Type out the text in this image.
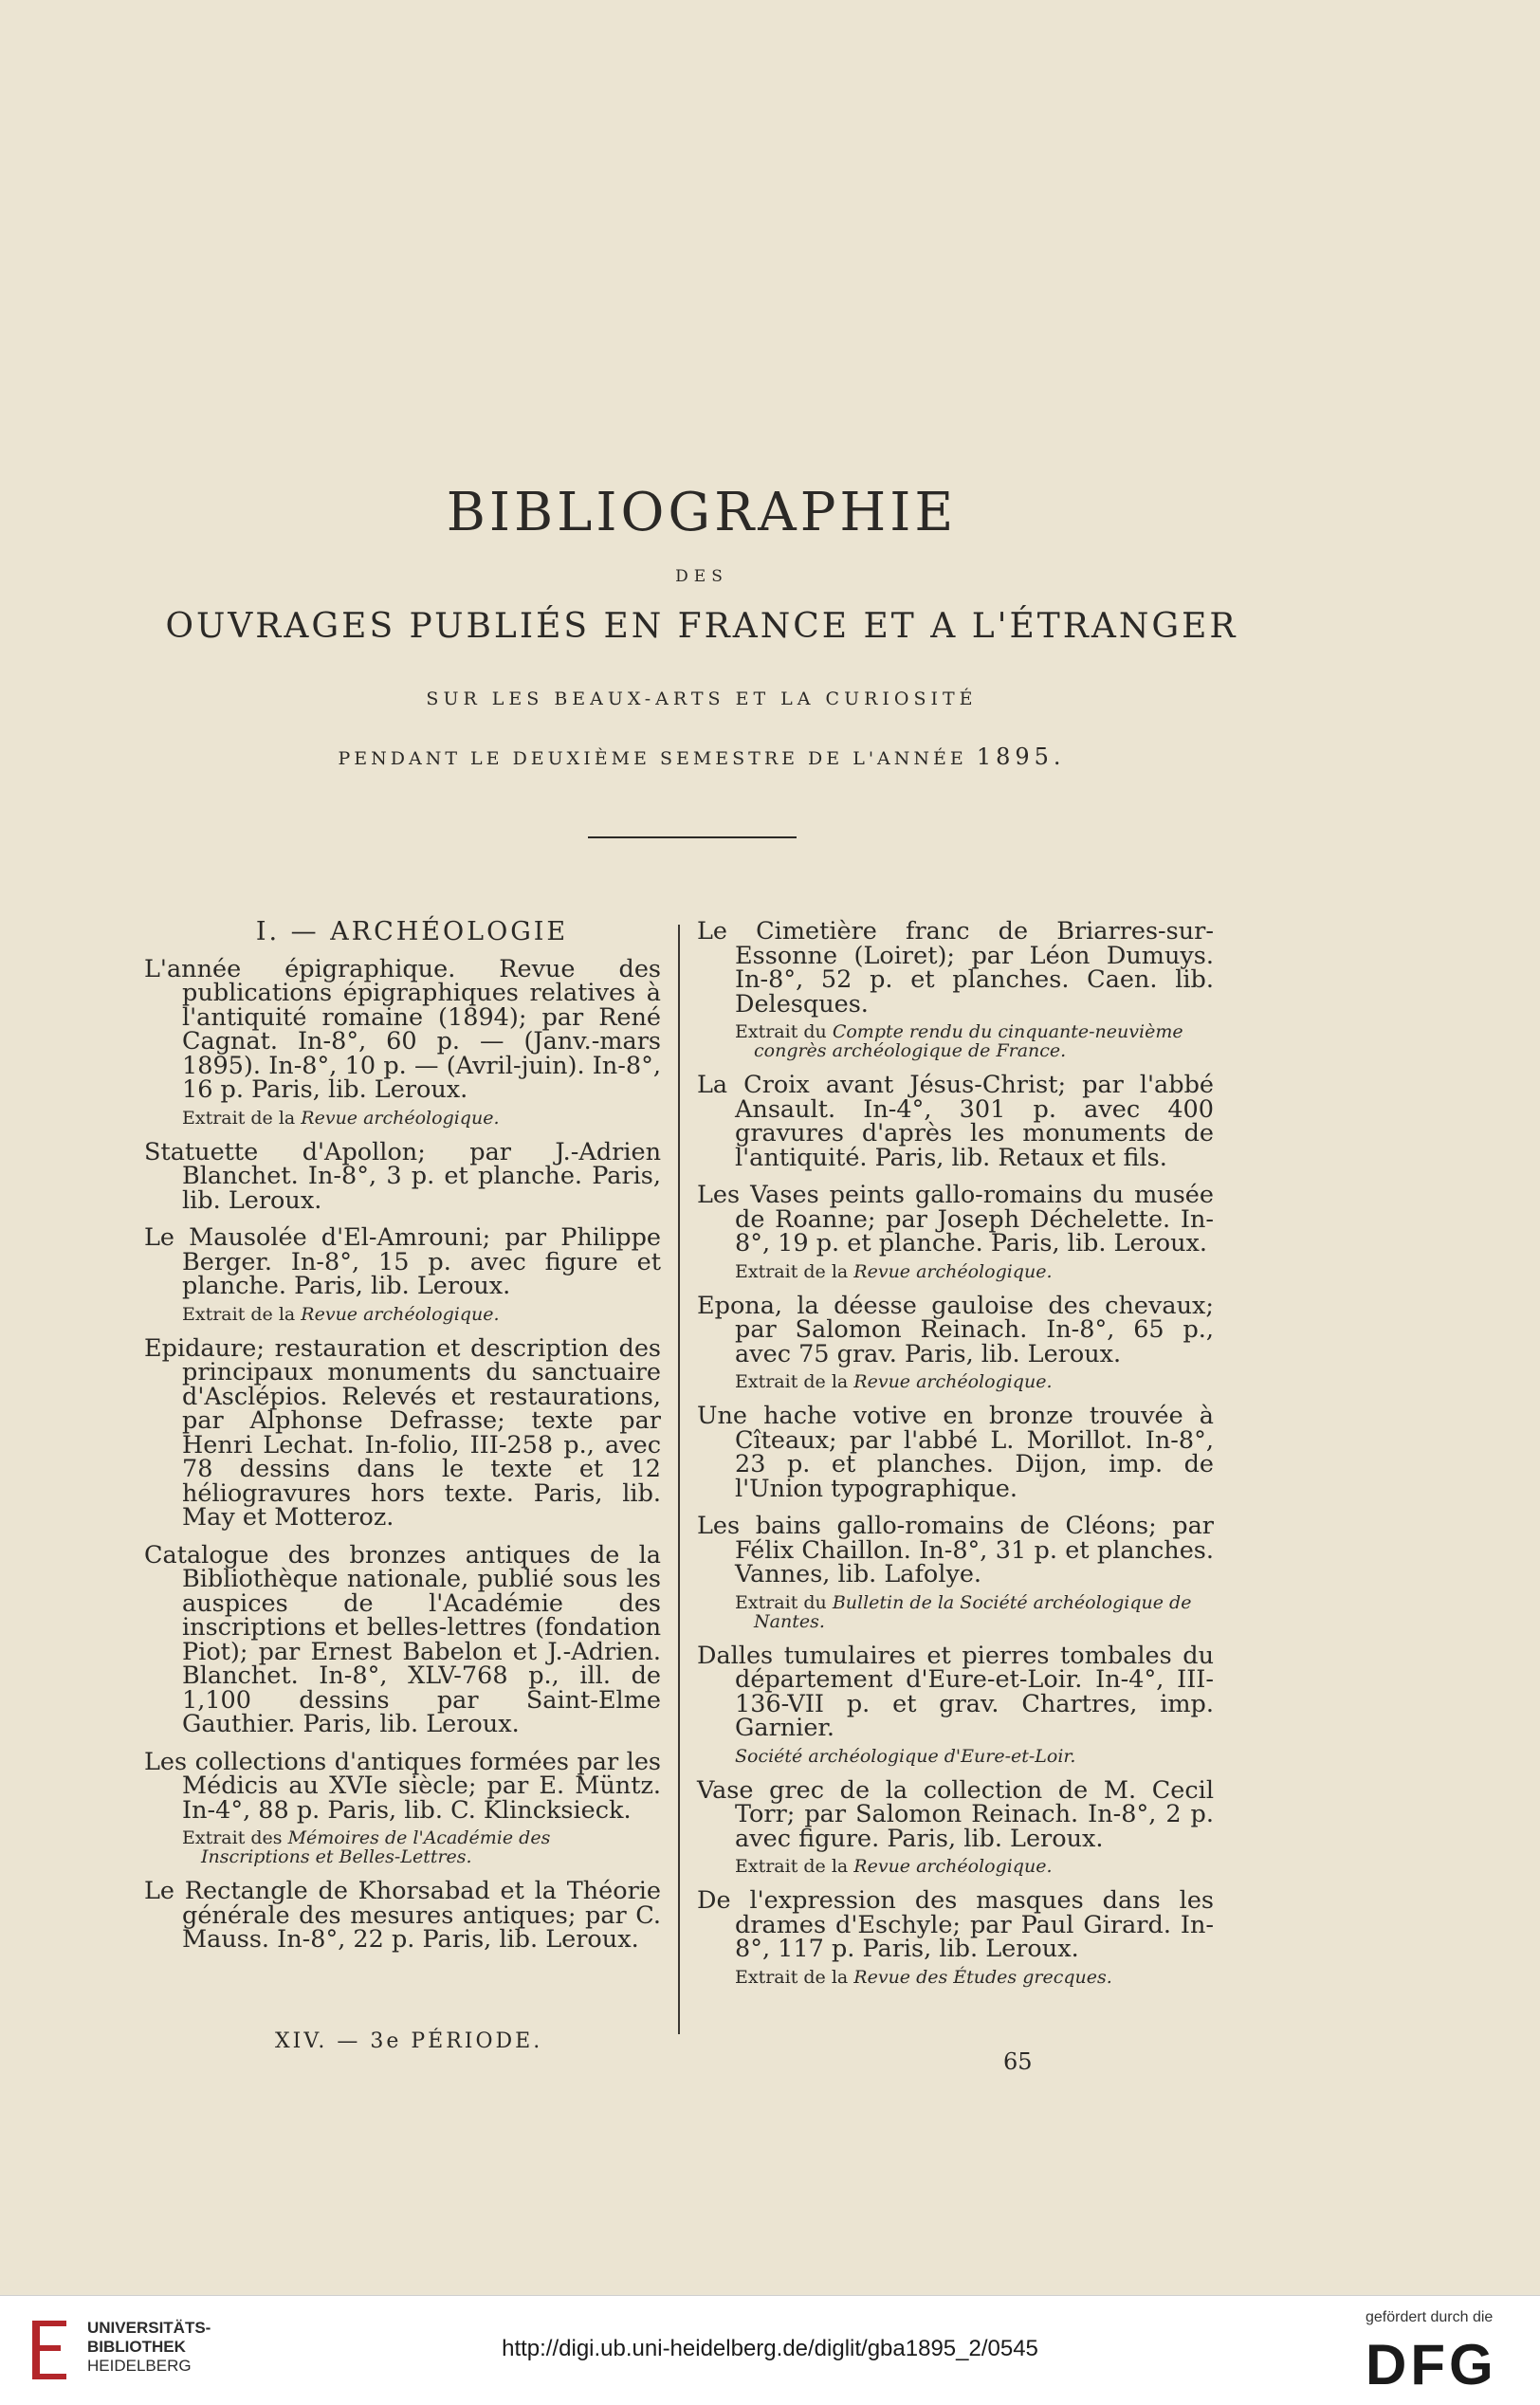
BIBLIOGRAPHIE
DES
OUVRAGES PUBLIÉS EN FRANCE ET A L'ÉTRANGER
SUR LES BEAUX-ARTS ET LA CURIOSITÉ
PENDANT LE DEUXIÈME SEMESTRE DE L'ANNÉE 1895.
I. — ARCHÉOLOGIE
L'année épigraphique. Revue des publications épigraphiques relatives à l'antiquité romaine (1894); par René Cagnat. In-8°, 60 p. — (Janv.-mars 1895). In-8°, 10 p. — (Avril-juin). In-8°, 16 p. Paris, lib. Leroux.
Extrait de la Revue archéologique.
Statuette d'Apollon; par J.-Adrien Blanchet. In-8°, 3 p. et planche. Paris, lib. Leroux.
Le Mausolée d'El-Amrouni; par Philippe Berger. In-8°, 15 p. avec figure et planche. Paris, lib. Leroux.
Extrait de la Revue archéologique.
Epidaure; restauration et description des principaux monuments du sanctuaire d'Asclépios. Relevés et restaurations, par Alphonse Defrasse; texte par Henri Lechat. In-folio, III-258 p., avec 78 dessins dans le texte et 12 héliogravures hors texte. Paris, lib. May et Motteroz.
Catalogue des bronzes antiques de la Bibliothèque nationale, publié sous les auspices de l'Académie des inscriptions et belles-lettres (fondation Piot); par Ernest Babelon et J.-Adrien. Blanchet. In-8°, XLV-768 p., ill. de 1,100 dessins par Saint-Elme Gauthier. Paris, lib. Leroux.
Les collections d'antiques formées par les Médicis au XVIe siècle; par E. Müntz. In-4°, 88 p. Paris, lib. C. Klincksieck.
Extrait des Mémoires de l'Académie des Inscriptions et Belles-Lettres.
Le Rectangle de Khorsabad et la Théorie générale des mesures antiques; par C. Mauss. In-8°, 22 p. Paris, lib. Leroux.
Le Cimetière franc de Briarres-sur-Essonne (Loiret); par Léon Dumuys. In-8°, 52 p. et planches. Caen. lib. Delesques.
Extrait du Compte rendu du cinquante-neuvième congrès archéologique de France.
La Croix avant Jésus-Christ; par l'abbé Ansault. In-4°, 301 p. avec 400 gravures d'après les monuments de l'antiquité. Paris, lib. Retaux et fils.
Les Vases peints gallo-romains du musée de Roanne; par Joseph Déchelette. In-8°, 19 p. et planche. Paris, lib. Leroux.
Extrait de la Revue archéologique.
Epona, la déesse gauloise des chevaux; par Salomon Reinach. In-8°, 65 p., avec 75 grav. Paris, lib. Leroux.
Extrait de la Revue archéologique.
Une hache votive en bronze trouvée à Cîteaux; par l'abbé L. Morillot. In-8°, 23 p. et planches. Dijon, imp. de l'Union typographique.
Les bains gallo-romains de Cléons; par Félix Chaillon. In-8°, 31 p. et planches. Vannes, lib. Lafolye.
Extrait du Bulletin de la Société archéologique de Nantes.
Dalles tumulaires et pierres tombales du département d'Eure-et-Loir. In-4°, III-136-VII p. et grav. Chartres, imp. Garnier.
Société archéologique d'Eure-et-Loir.
Vase grec de la collection de M. Cecil Torr; par Salomon Reinach. In-8°, 2 p. avec figure. Paris, lib. Leroux.
Extrait de la Revue archéologique.
De l'expression des masques dans les drames d'Eschyle; par Paul Girard. In-8°, 117 p. Paris, lib. Leroux.
Extrait de la Revue des Études grecques.
XIV. — 3e PÉRIODE.
65
UNIVERSITÄTS-
BIBLIOTHEK
HEIDELBERG
http://digi.ub.uni-heidelberg.de/diglit/gba1895_2/0545
gefördert durch die
DFG
